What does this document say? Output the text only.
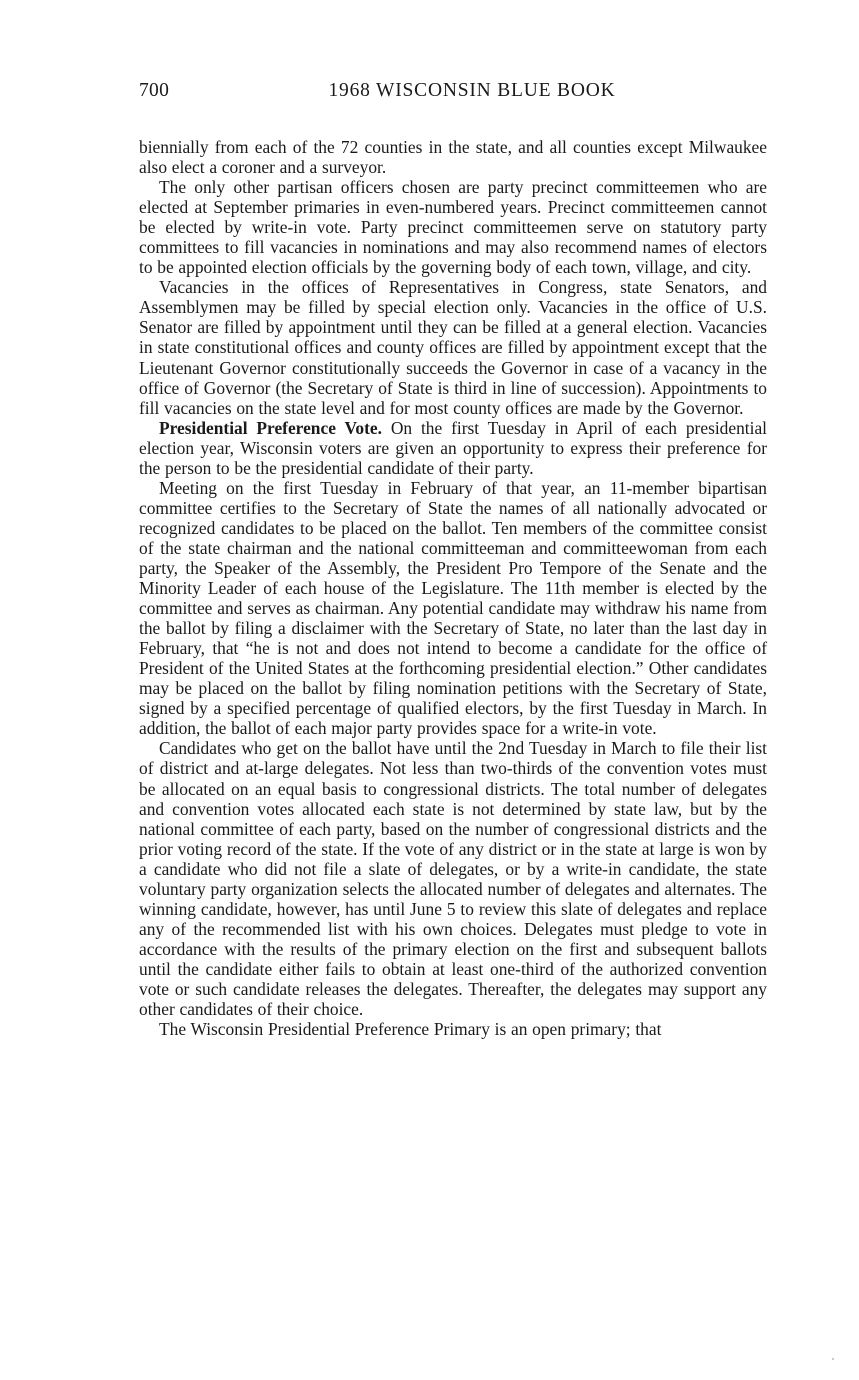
700	1968 WISCONSIN BLUE BOOK

biennially from each of the 72 counties in the state, and all counties except Milwaukee also elect a coroner and a surveyor.

The only other partisan officers chosen are party precinct committeemen who are elected at September primaries in even-numbered years. Precinct committeemen cannot be elected by write-in vote. Party precinct committeemen serve on statutory party committees to fill vacancies in nominations and may also recommend names of electors to be appointed election officials by the governing body of each town, village, and city.

Vacancies in the offices of Representatives in Congress, state Senators, and Assemblymen may be filled by special election only. Vacancies in the office of U.S. Senator are filled by appointment until they can be filled at a general election. Vacancies in state constitutional offices and county offices are filled by appointment except that the Lieutenant Governor constitutionally succeeds the Governor in case of a vacancy in the office of Governor (the Secretary of State is third in line of succession). Appointments to fill vacancies on the state level and for most county offices are made by the Governor.

Presidential Preference Vote. On the first Tuesday in April of each presidential election year, Wisconsin voters are given an opportunity to express their preference for the person to be the presidential candidate of their party.

Meeting on the first Tuesday in February of that year, an 11-member bipartisan committee certifies to the Secretary of State the names of all nationally advocated or recognized candidates to be placed on the ballot. Ten members of the committee consist of the state chairman and the national committeeman and committeewoman from each party, the Speaker of the Assembly, the President Pro Tempore of the Senate and the Minority Leader of each house of the Legislature. The 11th member is elected by the committee and serves as chairman. Any potential candidate may withdraw his name from the ballot by filing a disclaimer with the Secretary of State, no later than the last day in February, that “he is not and does not intend to become a candidate for the office of President of the United States at the forthcoming presidential election.” Other candidates may be placed on the ballot by filing nomination petitions with the Secretary of State, signed by a specified percentage of qualified electors, by the first Tuesday in March. In addition, the ballot of each major party provides space for a write-in vote.

Candidates who get on the ballot have until the 2nd Tuesday in March to file their list of district and at-large delegates. Not less than two-thirds of the convention votes must be allocated on an equal basis to congressional districts. The total number of delegates and convention votes allocated each state is not determined by state law, but by the national committee of each party, based on the number of congressional districts and the prior voting record of the state. If the vote of any district or in the state at large is won by a candidate who did not file a slate of delegates, or by a write-in candidate, the state voluntary party organization selects the allocated number of delegates and alternates. The winning candidate, however, has until June 5 to review this slate of delegates and replace any of the recommended list with his own choices. Delegates must pledge to vote in accordance with the results of the primary election on the first and subsequent ballots until the candidate either fails to obtain at least one-third of the authorized convention vote or such candidate releases the delegates. Thereafter, the delegates may support any other candidates of their choice.

The Wisconsin Presidential Preference Primary is an open primary; that
